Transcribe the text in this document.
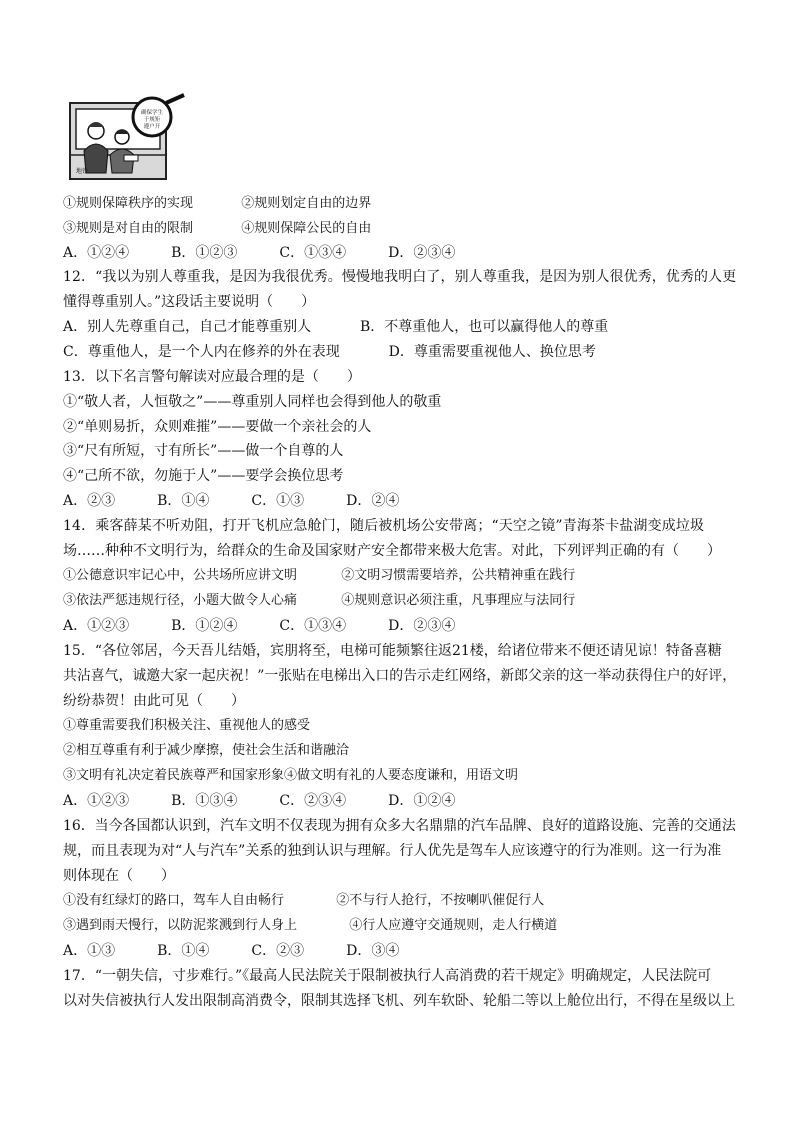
确保学生
于规矩
遵户开
地铁
①规则保障秩序的实现	②规则划定自由的边界
③规则是对自由的限制	④规则保障公民的自由
A．①②④　　　B．①②③　　　C．①③④　　　D．②③④
12．“我以为别人尊重我，是因为我很优秀。慢慢地我明白了，别人尊重我，是因为别人很优秀，优秀的人更
懂得尊重别人。”这段话主要说明（　　）
A．别人先尊重自己，自己才能尊重别人	B．不尊重他人，也可以赢得他人的尊重
C．尊重他人，是一个人内在修养的外在表现	D．尊重需要重视他人、换位思考
13．以下名言警句解读对应最合理的是（　　）
①“敬人者，人恒敬之”——尊重别人同样也会得到他人的敬重
②“单则易折，众则难摧”——要做一个亲社会的人
③“尺有所短，寸有所长”——做一个自尊的人
④“己所不欲，勿施于人”——要学会换位思考
A．②③　　　B．①④　　　C．①③　　　D．②④
14．乘客薛某不听劝阻，打开飞机应急舱门，随后被机场公安带离；“天空之镜”青海茶卡盐湖变成垃圾
场……种种不文明行为，给群众的生命及国家财产安全都带来极大危害。对此，下列评判正确的有（　　）
①公德意识牢记心中，公共场所应讲文明	②文明习惯需要培养，公共精神重在践行
③依法严惩违规行径，小题大做令人心痛	④规则意识必须注重，凡事理应与法同行
A．①②③　　　B．①②④　　　C．①③④　　　D．②③④
15．“各位邻居，今天吾儿结婚，宾朋将至，电梯可能频繁往返21楼，给诸位带来不便还请见谅！特备喜糖
共沾喜气，诚邀大家一起庆祝！”一张贴在电梯出入口的告示走红网络，新郎父亲的这一举动获得住户的好评，
纷纷恭贺！由此可见（　　）
①尊重需要我们积极关注、重视他人的感受
②相互尊重有利于减少摩擦，使社会生活和谐融洽
③文明有礼决定着民族尊严和国家形象④做文明有礼的人要态度谦和，用语文明
A．①②③　　　B．①③④　　　C．②③④　　　D．①②④
16．当今各国都认识到，汽车文明不仅表现为拥有众多大名鼎鼎的汽车品牌、良好的道路设施、完善的交通法
规，而且表现为对“人与汽车”关系的独到认识与理解。行人优先是驾车人应该遵守的行为准则。这一行为准
则体现在（　　）
①没有红绿灯的路口，驾车人自由畅行	②不与行人抢行，不按喇叭催促行人
③遇到雨天慢行，以防泥浆溅到行人身上	④行人应遵守交通规则，走人行横道
A．①③　　　B．①④　　　C．②③　　　D．③④
17．“一朝失信，寸步难行。”《最高人民法院关于限制被执行人高消费的若干规定》明确规定，人民法院可
以对失信被执行人发出限制高消费令，限制其选择飞机、列车软卧、轮船二等以上舱位出行，不得在星级以上
